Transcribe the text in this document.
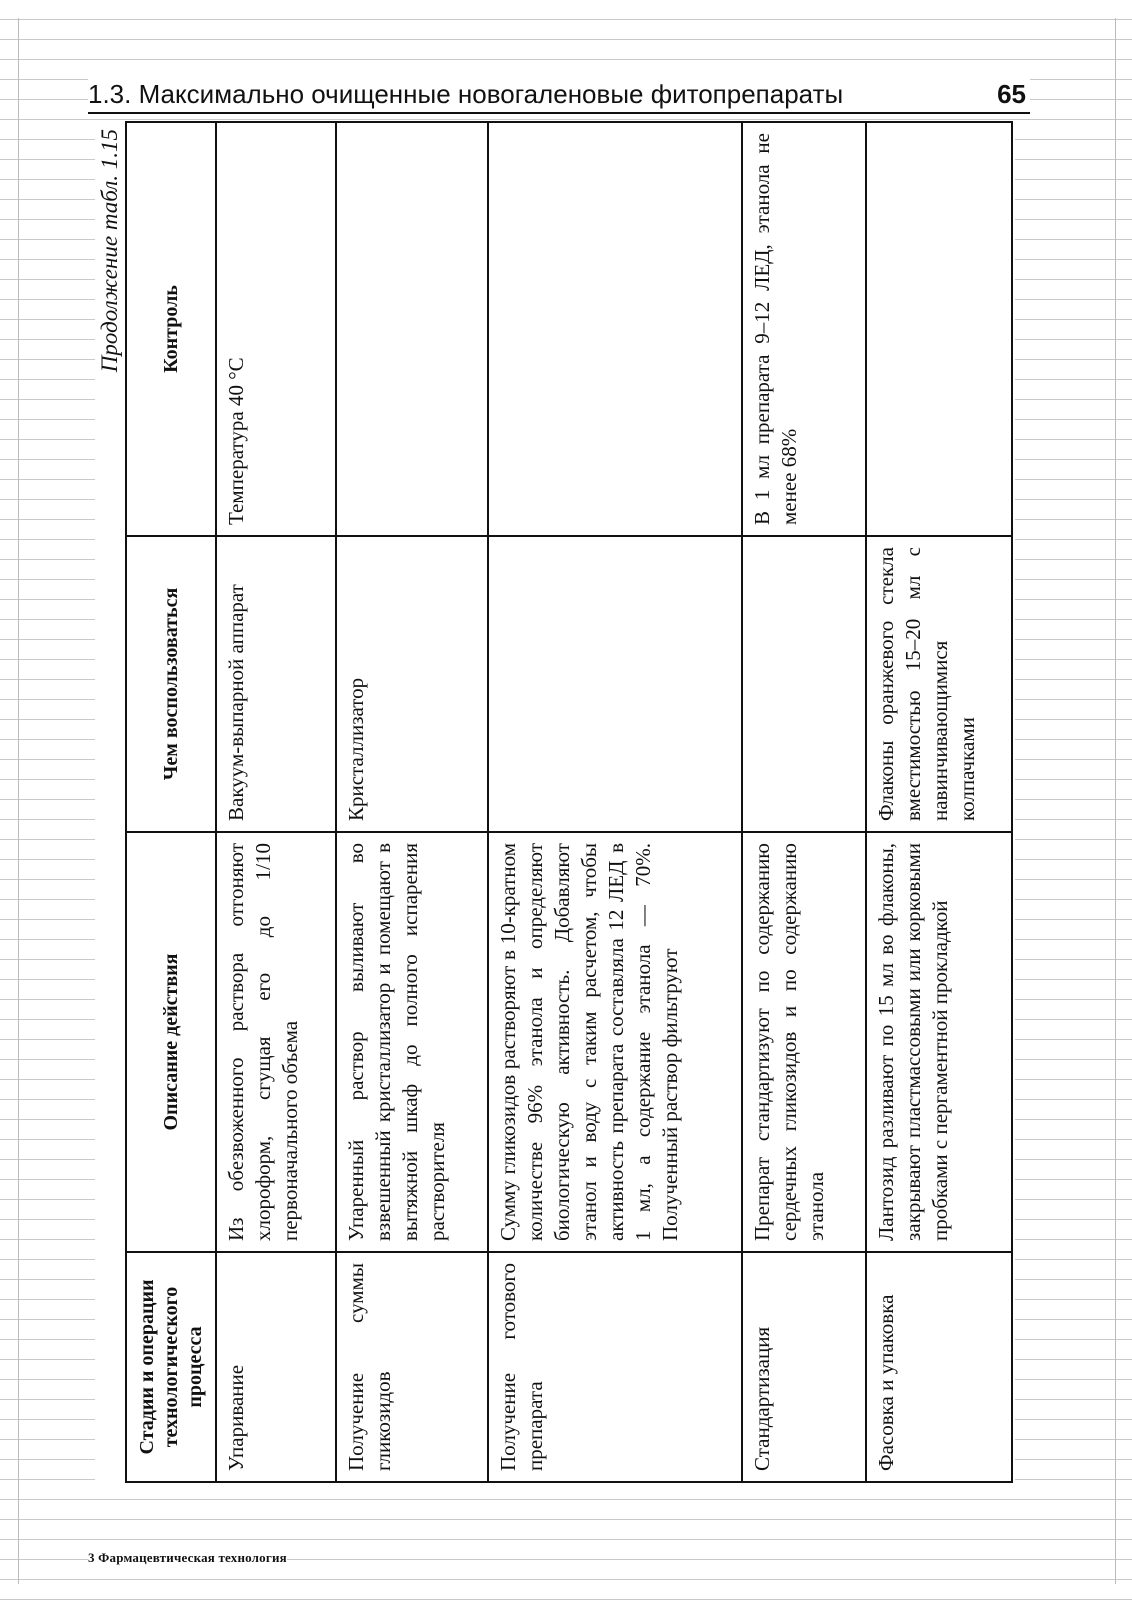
1.3. Максимально очищенные новогаленовые фитопрепараты	65
Продолжение табл. 1.15
Стадии и операции технологического процесса	Описание действия	Чем воспользоваться	Контроль
Упаривание	Из обезвоженного раствора отгоняют хлороформ, сгущая его до 1/10 первоначального объема	Вакуум-выпарной аппарат	Температура 40 °С
Получение суммы гликозидов	Упаренный раствор выливают во взвешенный кристаллизатор и помещают в вытяжной шкаф до полного испарения растворителя	Кристаллизатор	
Получение готового препарата	Сумму гликозидов растворяют в 10-кратном количестве 96% этанола и определяют биологическую активность. Добавляют этанол и воду с таким расчетом, чтобы активность препарата составляла 12 ЛЕД в 1 мл, а содержание этанола — 70%. Полученный раствор фильтруют		
Стандартизация	Препарат стандартизуют по содержанию сердечных гликозидов и по содержанию этанола		В 1 мл препарата 9–12 ЛЕД, этанола не менее 68%
Фасовка и упаковка	Лантозид разливают по 15 мл во флаконы, закрывают пластмассовыми или корковыми пробками с пергаментной прокладкой	Флаконы оранжевого стекла вместимостью 15–20 мл с навинчивающимися колпачками	
3 Фармацевтическая технология
